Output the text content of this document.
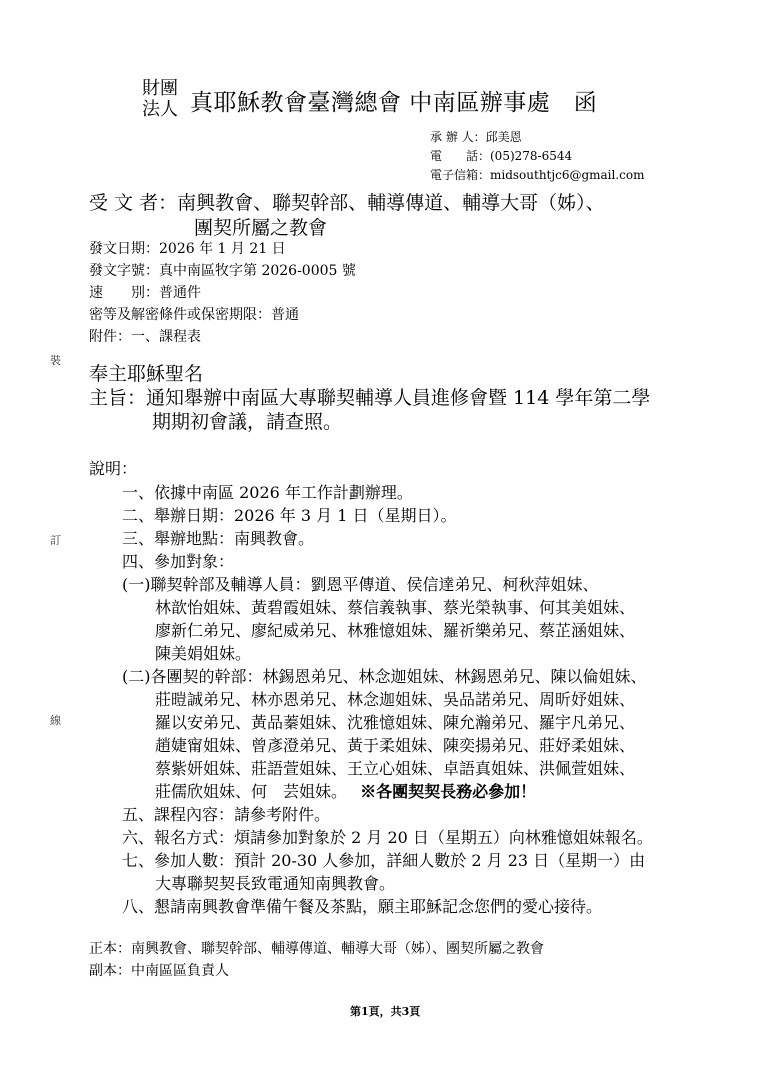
財團
法人 真耶穌教會臺灣總會 中南區辦事處　函
承 辦 人：邱美恩
電　　話：(05)278-6544
電子信箱：midsouthtjc6@gmail.com
受 文 者：南興教會、聯契幹部、輔導傳道、輔導大哥（姊）、
團契所屬之教會
發文日期：2026 年 1 月 21 日
發文字號：真中南區牧字第 2026-0005 號
速　　別：普通件
密等及解密條件或保密期限：普通
附件：一、課程表
裝
訂
線
奉主耶穌聖名
主旨：通知舉辦中南區大專聯契輔導人員進修會暨 114 學年第二學
期期初會議，請查照。
說明：
一、依據中南區 2026 年工作計劃辦理。
二、舉辦日期：2026 年 3 月 1 日（星期日）。
三、舉辦地點：南興教會。
四、參加對象：
(一)聯契幹部及輔導人員：劉恩平傳道、侯信達弟兄、柯秋萍姐妹、
林歆怡姐妹、黃碧霞姐妹、蔡信義執事、蔡光榮執事、何其美姐妹、
廖新仁弟兄、廖紀威弟兄、林雅憶姐妹、羅祈樂弟兄、蔡芷涵姐妹、
陳美娟姐妹。
(二)各團契的幹部：林錫恩弟兄、林念迦姐妹、林錫恩弟兄、陳以倫姐妹、
莊暟誠弟兄、林亦恩弟兄、林念迦姐妹、吳品諾弟兄、周昕妤姐妹、
羅以安弟兄、黃品蓁姐妹、沈雅憶姐妹、陳允瀚弟兄、羅宇凡弟兄、
趙婕甯姐妹、曾彥澄弟兄、黃于柔姐妹、陳奕揚弟兄、莊妤柔姐妹、
蔡紫妍姐妹、莊語萱姐妹、王立心姐妹、卓語真姐妹、洪佩萱姐妹、
莊儒欣姐妹、何　芸姐妹。 ※各團契契長務必參加！
五、課程內容：請參考附件。
六、報名方式：煩請參加對象於 2 月 20 日（星期五）向林雅憶姐妹報名。
七、參加人數：預計 20-30 人參加，詳細人數於 2 月 23 日（星期一）由
大專聯契契長致電通知南興教會。
八、懇請南興教會準備午餐及茶點，願主耶穌記念您們的愛心接待。
正本：南興教會、聯契幹部、輔導傳道、輔導大哥（姊）、團契所屬之教會
副本：中南區區負責人
第1頁，共3頁
